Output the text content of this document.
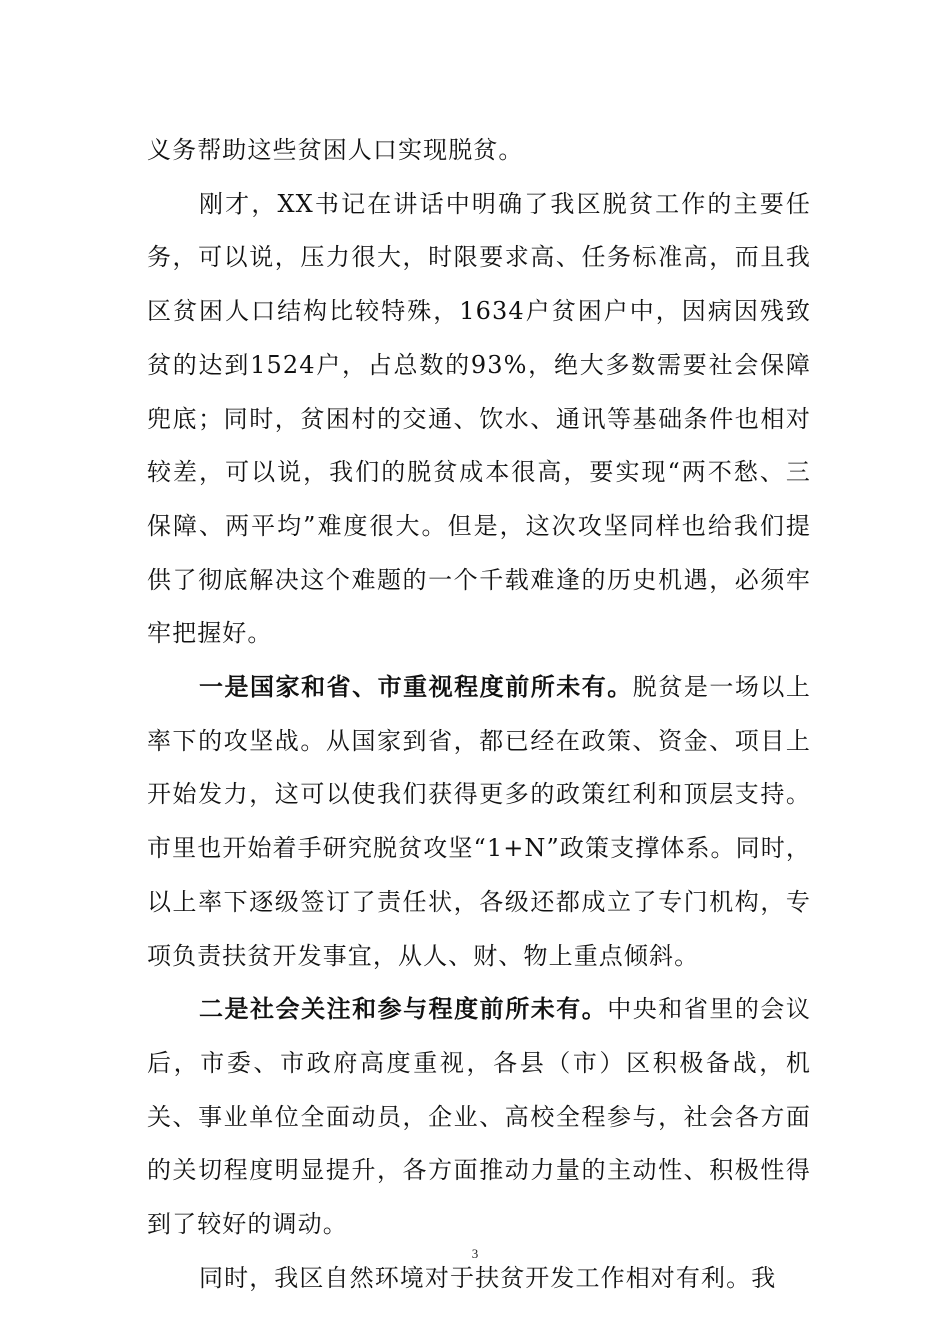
义务帮助这些贫困人口实现脱贫。

刚才，XX书记在讲话中明确了我区脱贫工作的主要任务，可以说，压力很大，时限要求高、任务标准高，而且我区贫困人口结构比较特殊，1634户贫困户中，因病因残致贫的达到1524户，占总数的93%，绝大多数需要社会保障兜底；同时，贫困村的交通、饮水、通讯等基础条件也相对较差，可以说，我们的脱贫成本很高，要实现“两不愁、三保障、两平均”难度很大。但是，这次攻坚同样也给我们提供了彻底解决这个难题的一个千载难逢的历史机遇，必须牢牢把握好。

一是国家和省、市重视程度前所未有。脱贫是一场以上率下的攻坚战。从国家到省，都已经在政策、资金、项目上开始发力，这可以使我们获得更多的政策红利和顶层支持。市里也开始着手研究脱贫攻坚“1+N”政策支撑体系。同时，以上率下逐级签订了责任状，各级还都成立了专门机构，专项负责扶贫开发事宜，从人、财、物上重点倾斜。

二是社会关注和参与程度前所未有。中央和省里的会议后，市委、市政府高度重视，各县（市）区积极备战，机关、事业单位全面动员，企业、高校全程参与，社会各方面的关切程度明显提升，各方面推动力量的主动性、积极性得到了较好的调动。

同时，我区自然环境对于扶贫开发工作相对有利。我

3
